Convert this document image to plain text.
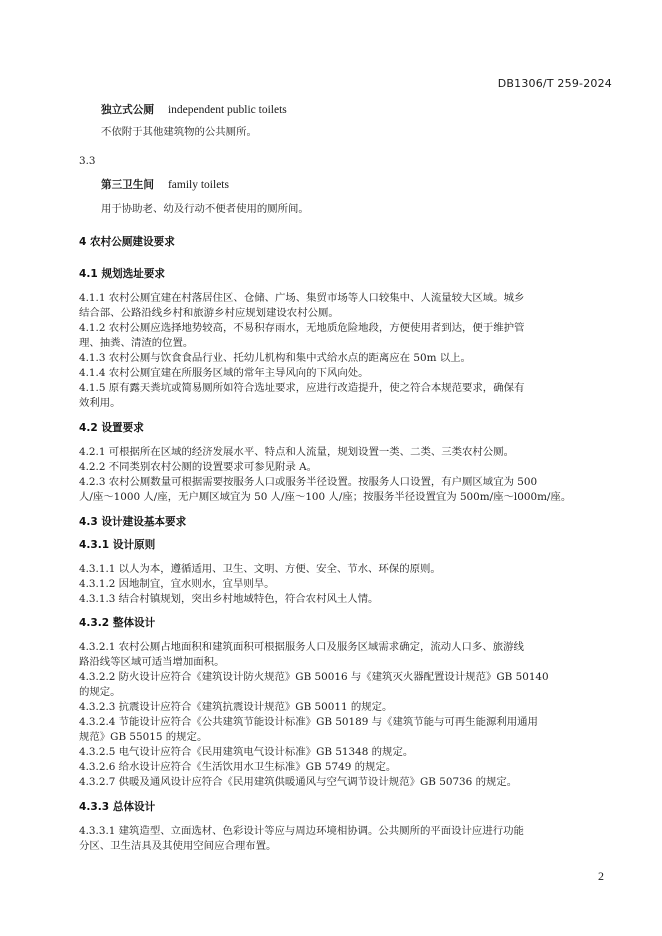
DB1306/T 259-2024
独立式公厕 independent public toilets
不依附于其他建筑物的公共厕所。
3.3
第三卫生间 family toilets
用于协助老、幼及行动不便者使用的厕所间。
4 农村公厕建设要求
4.1 规划选址要求
4.1.1 农村公厕宜建在村落居住区、仓储、广场、集贸市场等人口较集中、人流量较大区域。城乡
结合部、公路沿线乡村和旅游乡村应规划建设农村公厕。
4.1.2 农村公厕应选择地势较高，不易积存雨水，无地质危险地段，方便使用者到达，便于维护管
理、抽粪、清渣的位置。
4.1.3 农村公厕与饮食食品行业、托幼儿机构和集中式给水点的距离应在 50m 以上。
4.1.4 农村公厕宜建在所服务区域的常年主导风向的下风向处。
4.1.5 原有露天粪坑或简易厕所如符合选址要求，应进行改造提升，使之符合本规范要求，确保有
效利用。
4.2 设置要求
4.2.1 可根据所在区域的经济发展水平、特点和人流量，规划设置一类、二类、三类农村公厕。
4.2.2 不同类别农村公厕的设置要求可参见附录 A。
4.2.3 农村公厕数量可根据需要按服务人口或服务半径设置。按服务人口设置，有户厕区域宜为 500
人/座～1000 人/座，无户厕区域宜为 50 人/座～100 人/座；按服务半径设置宜为 500m/座～l000m/座。
4.3 设计建设基本要求
4.3.1 设计原则
4.3.1.1 以人为本，遵循适用、卫生、文明、方便、安全、节水、环保的原则。
4.3.1.2 因地制宜，宜水则水，宜旱则旱。
4.3.1.3 结合村镇规划，突出乡村地域特色，符合农村风土人情。
4.3.2 整体设计
4.3.2.1 农村公厕占地面积和建筑面积可根据服务人口及服务区域需求确定，流动人口多、旅游线
路沿线等区域可适当增加面积。
4.3.2.2 防火设计应符合《建筑设计防火规范》GB 50016 与《建筑灭火器配置设计规范》GB 50140
的规定。
4.3.2.3 抗震设计应符合《建筑抗震设计规范》GB 50011 的规定。
4.3.2.4 节能设计应符合《公共建筑节能设计标准》GB 50189 与《建筑节能与可再生能源利用通用
规范》GB 55015 的规定。
4.3.2.5 电气设计应符合《民用建筑电气设计标准》GB 51348 的规定。
4.3.2.6 给水设计应符合《生活饮用水卫生标准》GB 5749 的规定。
4.3.2.7 供暖及通风设计应符合《民用建筑供暖通风与空气调节设计规范》GB 50736 的规定。
4.3.3 总体设计
4.3.3.1 建筑造型、立面选材、色彩设计等应与周边环境相协调。公共厕所的平面设计应进行功能
分区、卫生洁具及其使用空间应合理布置。
2
